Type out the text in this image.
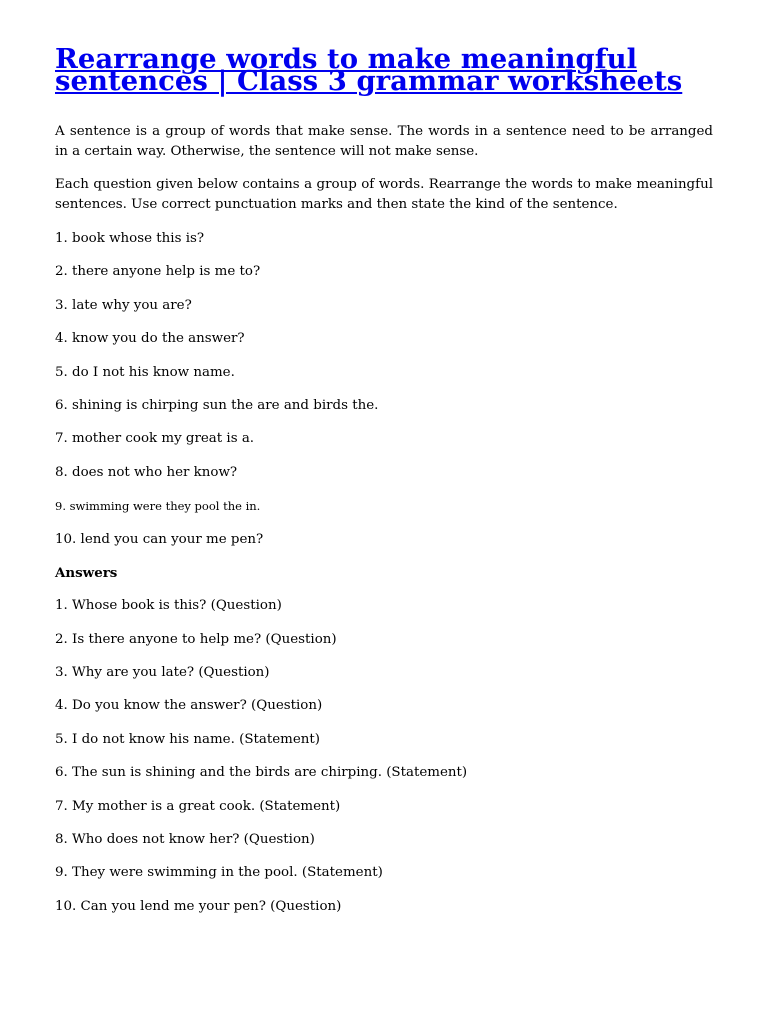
Rearrange words to make meaningful sentences | Class 3 grammar worksheets

A sentence is a group of words that make sense. The words in a sentence need to be arranged in a certain way. Otherwise, the sentence will not make sense.

Each question given below contains a group of words. Rearrange the words to make meaningful sentences. Use correct punctuation marks and then state the kind of the sentence.

1. book whose this is?

2. there anyone help is me to?

3. late why you are?

4. know you do the answer?

5. do I not his know name.

6. shining is chirping sun the are and birds the.

7. mother cook my great is a.

8. does not who her know?

9. swimming were they pool the in.

10. lend you can your me pen?

Answers

1. Whose book is this? (Question)

2. Is there anyone to help me? (Question)

3. Why are you late? (Question)

4. Do you know the answer? (Question)

5. I do not know his name. (Statement)

6. The sun is shining and the birds are chirping. (Statement)

7. My mother is a great cook. (Statement)

8. Who does not know her? (Question)

9. They were swimming in the pool. (Statement)

10. Can you lend me your pen? (Question)
